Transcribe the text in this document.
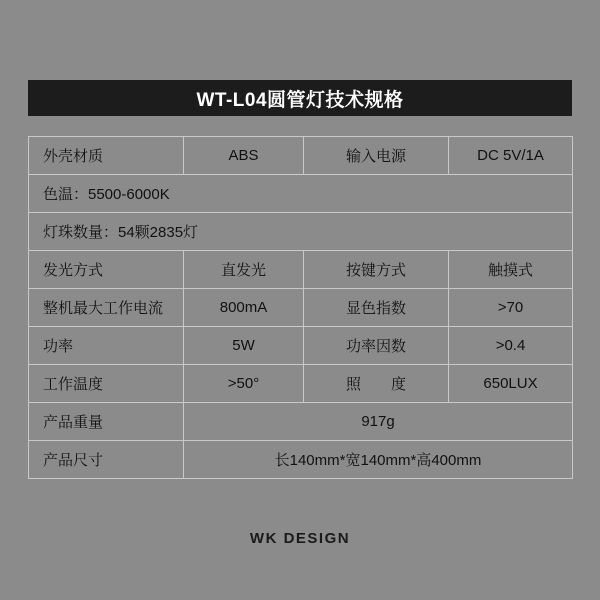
WT-L04圆管灯技术规格
外壳材质	ABS	输入电源	DC 5V/1A
色温：5500-6000K			
灯珠数量：54颗2835灯			
发光方式	直发光	按键方式	触摸式
整机最大工作电流	800mA	显色指数	>70
功率	5W	功率因数	>0.4
工作温度	>50°	照　　度	650LUX
产品重量	917g		
产品尺寸	长140mm*宽140mm*高400mm		
WK DESIGN
